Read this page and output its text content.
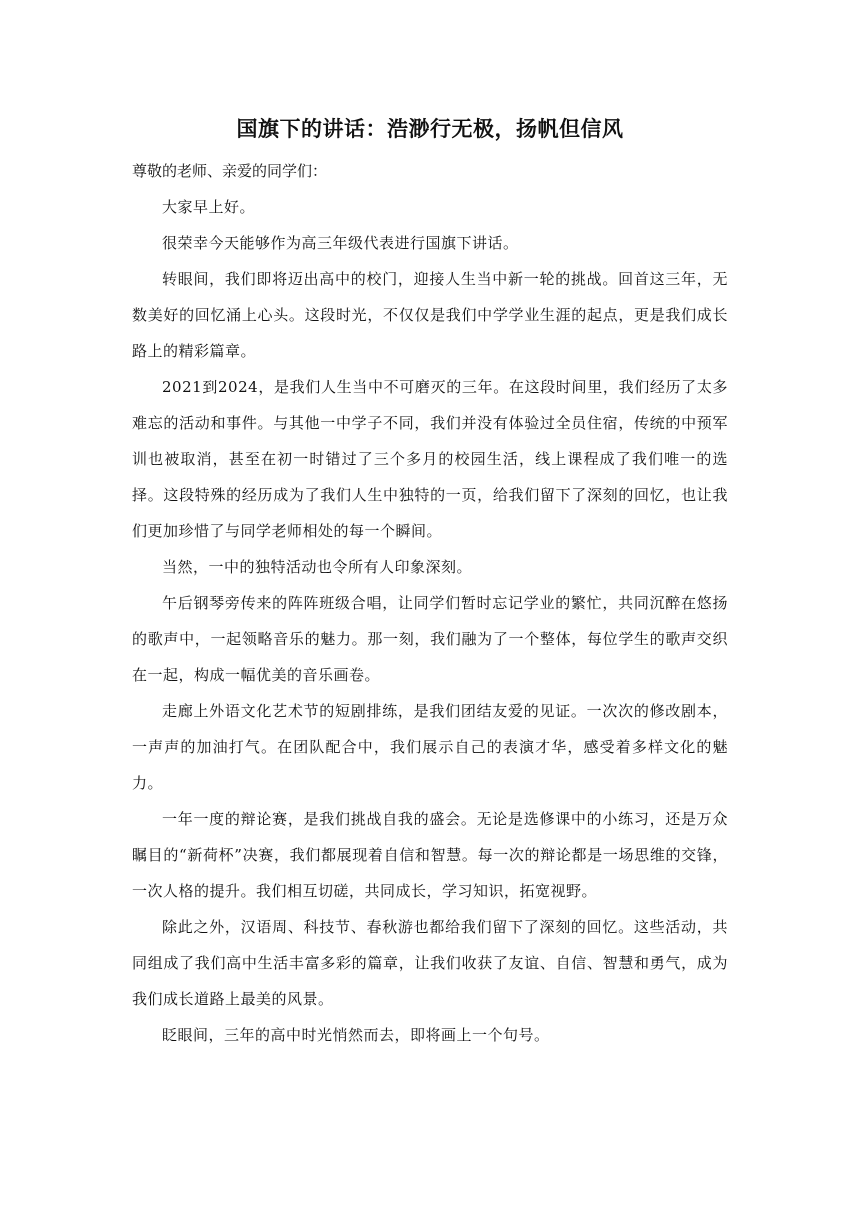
国旗下的讲话：浩渺行无极，扬帆但信风

尊敬的老师、亲爱的同学们：

大家早上好。

很荣幸今天能够作为高三年级代表进行国旗下讲话。

转眼间，我们即将迈出高中的校门，迎接人生当中新一轮的挑战。回首这三年，无数美好的回忆涌上心头。这段时光，不仅仅是我们中学学业生涯的起点，更是我们成长路上的精彩篇章。

2021到2024，是我们人生当中不可磨灭的三年。在这段时间里，我们经历了太多难忘的活动和事件。与其他一中学子不同，我们并没有体验过全员住宿，传统的中预军训也被取消，甚至在初一时错过了三个多月的校园生活，线上课程成了我们唯一的选择。这段特殊的经历成为了我们人生中独特的一页，给我们留下了深刻的回忆，也让我们更加珍惜了与同学老师相处的每一个瞬间。

当然，一中的独特活动也令所有人印象深刻。

午后钢琴旁传来的阵阵班级合唱，让同学们暂时忘记学业的繁忙，共同沉醉在悠扬的歌声中，一起领略音乐的魅力。那一刻，我们融为了一个整体，每位学生的歌声交织在一起，构成一幅优美的音乐画卷。

走廊上外语文化艺术节的短剧排练，是我们团结友爱的见证。一次次的修改剧本，一声声的加油打气。在团队配合中，我们展示自己的表演才华，感受着多样文化的魅力。

一年一度的辩论赛，是我们挑战自我的盛会。无论是选修课中的小练习，还是万众瞩目的“新荷杯”决赛，我们都展现着自信和智慧。每一次的辩论都是一场思维的交锋，一次人格的提升。我们相互切磋，共同成长，学习知识，拓宽视野。

除此之外，汉语周、科技节、春秋游也都给我们留下了深刻的回忆。这些活动，共同组成了我们高中生活丰富多彩的篇章，让我们收获了友谊、自信、智慧和勇气，成为我们成长道路上最美的风景。

眨眼间，三年的高中时光悄然而去，即将画上一个句号。
